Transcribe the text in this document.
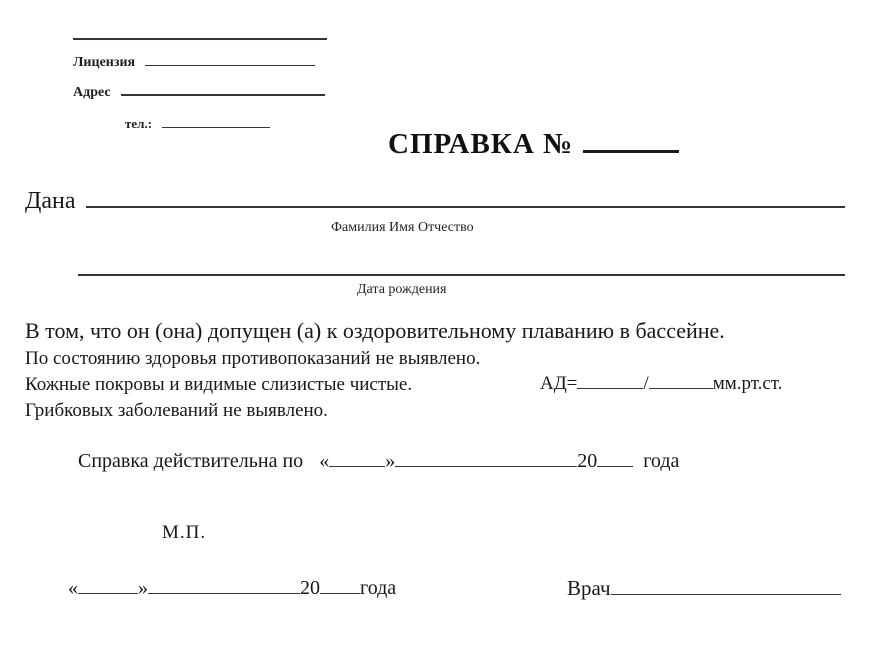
Лицензия
Адрес
тел.:
СПРАВКА №
Дана
Фамилия Имя Отчество
Дата рождения
В том, что он (она) допущен (а) к оздоровительному плаванию в бассейне.
По состоянию здоровья противопоказаний не выявлено.
Кожные покровы и видимые слизистые чистые.	АД=	/	мм.рт.ст.
Грибковых заболеваний не выявлено.
Справка действительна по «	»	20 года
М.П.
«	»	20 года	Врач
